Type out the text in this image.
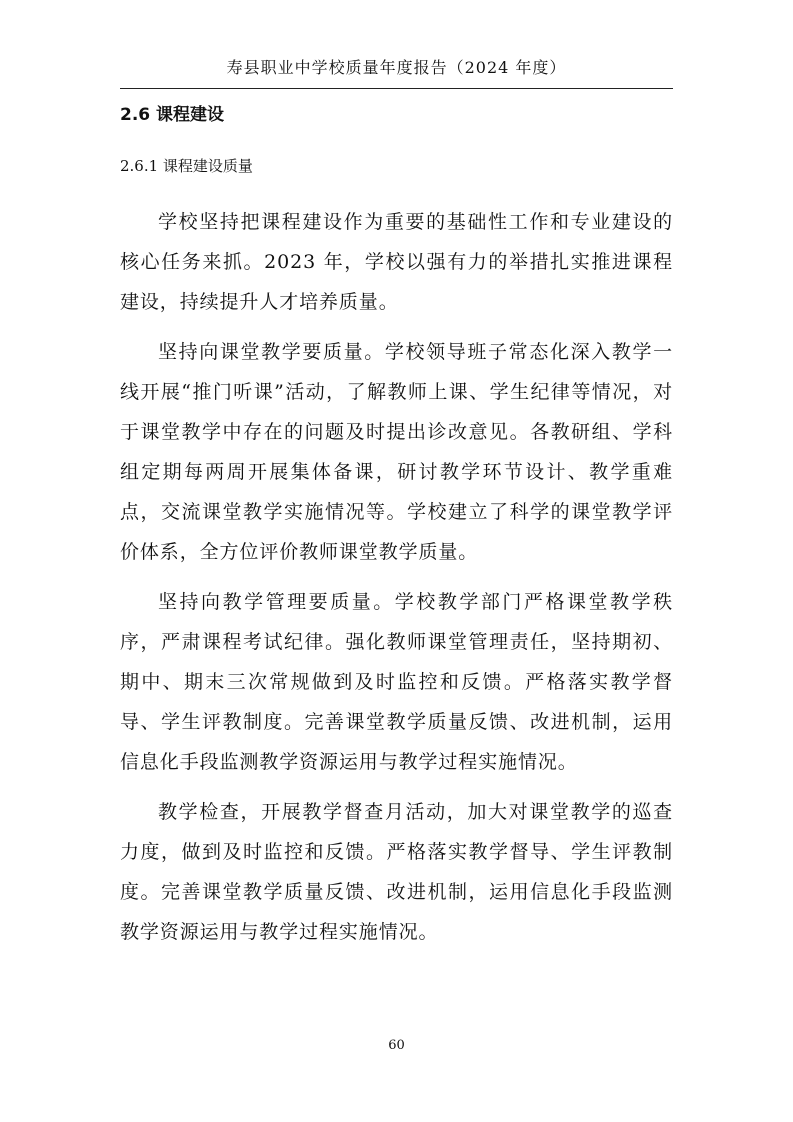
寿县职业中学校质量年度报告（2024 年度）
2.6 课程建设
2.6.1 课程建设质量

学校坚持把课程建设作为重要的基础性工作和专业建设的核心任务来抓。2023 年，学校以强有力的举措扎实推进课程建设，持续提升人才培养质量。

坚持向课堂教学要质量。学校领导班子常态化深入教学一线开展“推门听课”活动，了解教师上课、学生纪律等情况，对于课堂教学中存在的问题及时提出诊改意见。各教研组、学科组定期每两周开展集体备课，研讨教学环节设计、教学重难点，交流课堂教学实施情况等。学校建立了科学的课堂教学评价体系，全方位评价教师课堂教学质量。

坚持向教学管理要质量。学校教学部门严格课堂教学秩序，严肃课程考试纪律。强化教师课堂管理责任，坚持期初、期中、期末三次常规做到及时监控和反馈。严格落实教学督导、学生评教制度。完善课堂教学质量反馈、改进机制，运用信息化手段监测教学资源运用与教学过程实施情况。

教学检查，开展教学督查月活动，加大对课堂教学的巡查力度，做到及时监控和反馈。严格落实教学督导、学生评教制度。完善课堂教学质量反馈、改进机制，运用信息化手段监测教学资源运用与教学过程实施情况。

60
